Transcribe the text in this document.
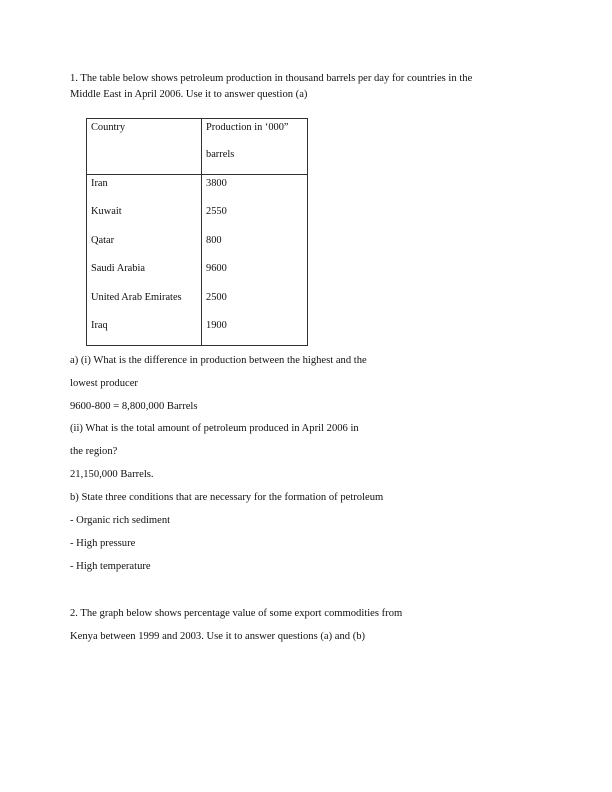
1. The table below shows petroleum production in thousand barrels per day for countries in the
Middle East in April 2006. Use it to answer question (a)
Country	Production in ‘000”
barrels

Iran	3800
Kuwait	2550
Qatar	800
Saudi Arabia	9600
United Arab Emirates	2500
Iraq	1900
a) (i) What is the difference in production between the highest and the
lowest producer
9600-800 = 8,800,000 Barrels
(ii) What is the total amount of petroleum produced in April 2006 in
the region?
21,150,000 Barrels.
b) State three conditions that are necessary for the formation of petroleum
- Organic rich sediment
- High pressure
- High temperature
2. The graph below shows percentage value of some export commodities from
Kenya between 1999 and 2003. Use it to answer questions (a) and (b)
